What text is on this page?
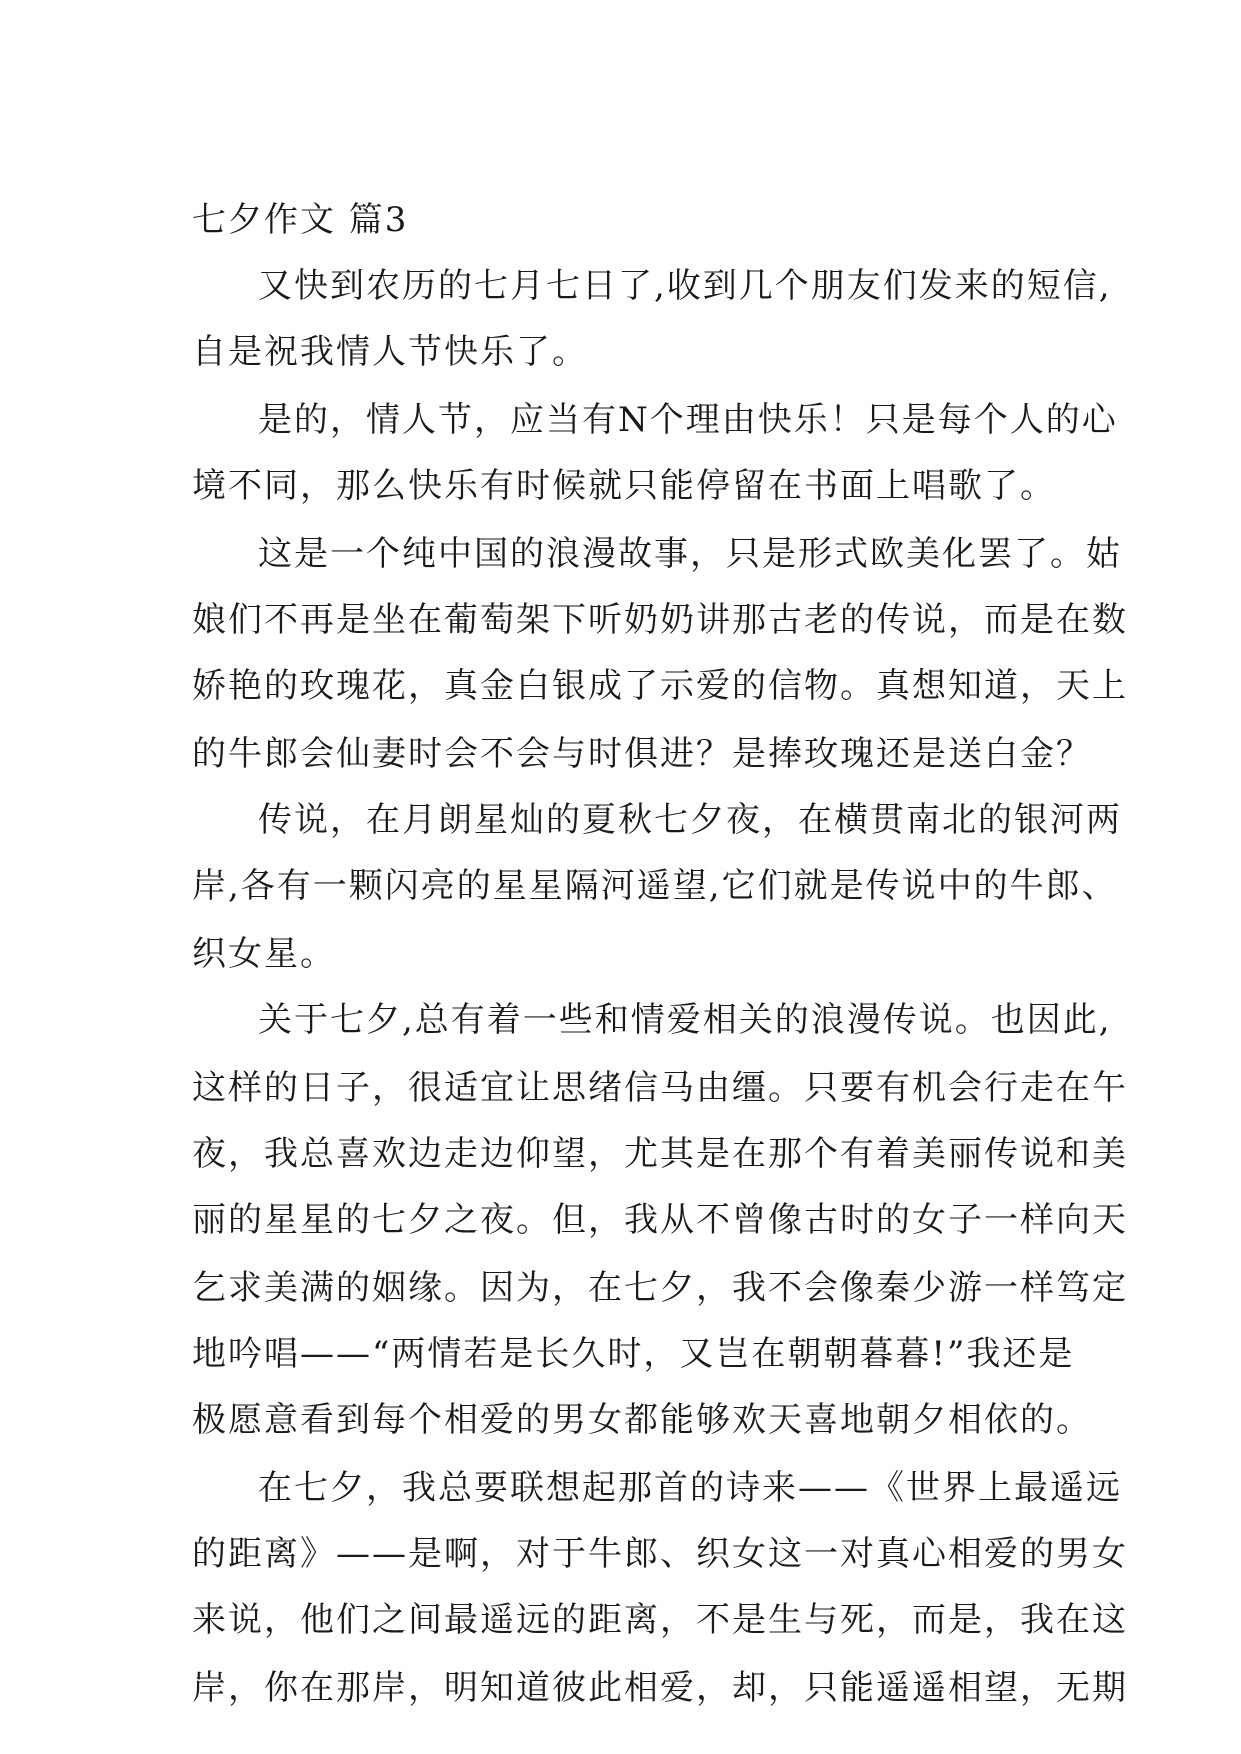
七夕作文 篇3
又快到农历的七月七日了,收到几个朋友们发来的短信,
自是祝我情人节快乐了。
是的，情人节，应当有N个理由快乐！只是每个人的心
境不同，那么快乐有时候就只能停留在书面上唱歌了。
这是一个纯中国的浪漫故事，只是形式欧美化罢了。姑
娘们不再是坐在葡萄架下听奶奶讲那古老的传说，而是在数
娇艳的玫瑰花，真金白银成了示爱的信物。真想知道，天上
的牛郎会仙妻时会不会与时俱进？是捧玫瑰还是送白金？
传说，在月朗星灿的夏秋七夕夜，在横贯南北的银河两
岸,各有一颗闪亮的星星隔河遥望,它们就是传说中的牛郎、
织女星。
关于七夕,总有着一些和情爱相关的浪漫传说。也因此,
这样的日子，很适宜让思绪信马由缰。只要有机会行走在午
夜，我总喜欢边走边仰望，尤其是在那个有着美丽传说和美
丽的星星的七夕之夜。但，我从不曾像古时的女子一样向天
乞求美满的姻缘。因为，在七夕，我不会像秦少游一样笃定
地吟唱——“两情若是长久时，又岂在朝朝暮暮!”我还是
极愿意看到每个相爱的男女都能够欢天喜地朝夕相依的。
在七夕，我总要联想起那首的诗来——《世界上最遥远
的距离》——是啊，对于牛郎、织女这一对真心相爱的男女
来说，他们之间最遥远的距离，不是生与死，而是，我在这
岸，你在那岸，明知道彼此相爱，却，只能遥遥相望，无期
